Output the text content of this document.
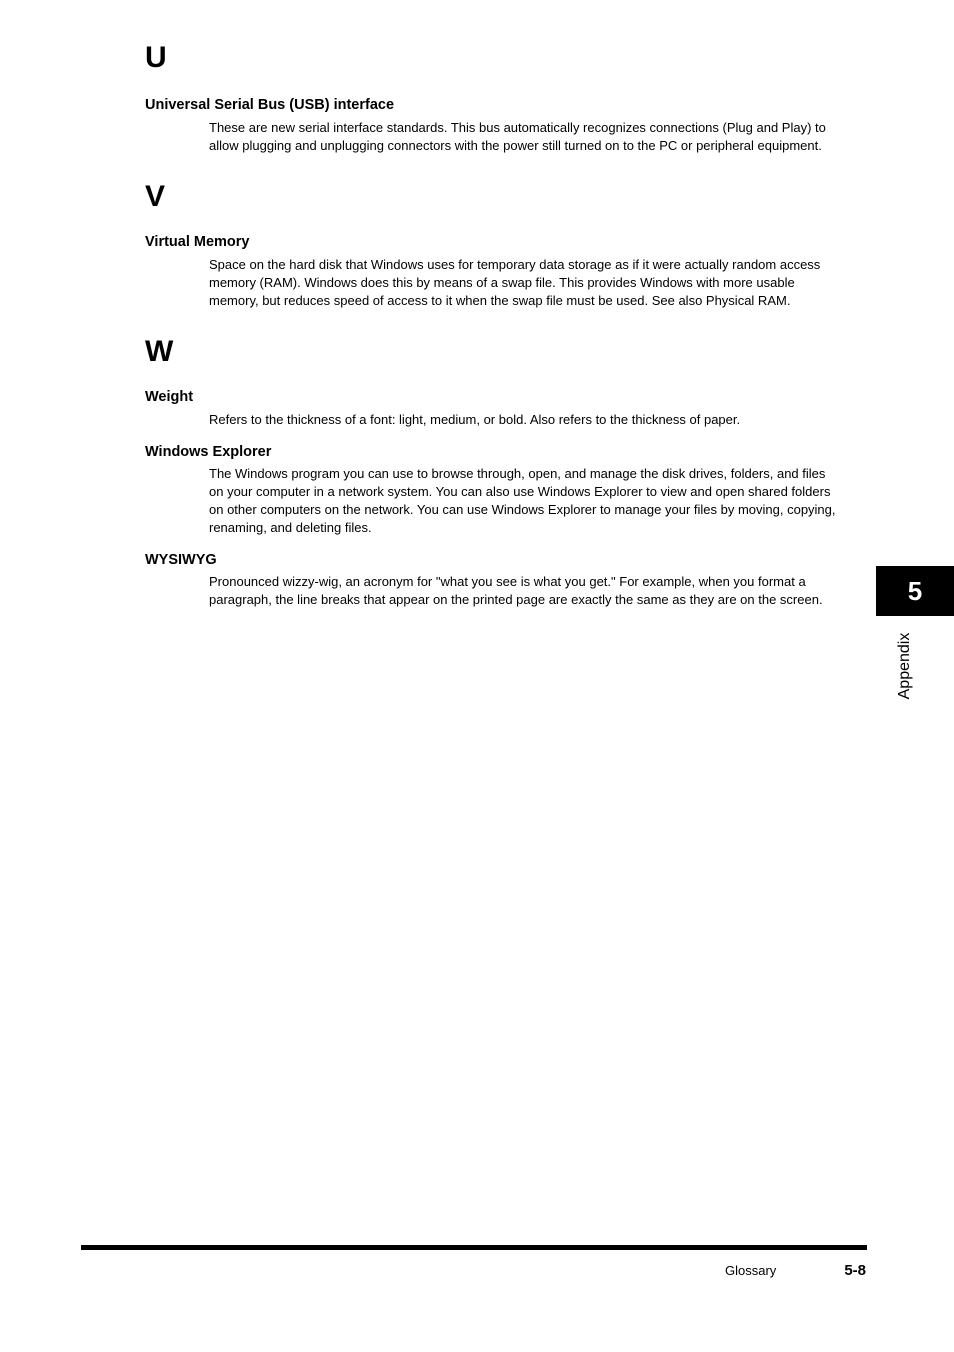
U
Universal Serial Bus (USB) interface

These are new serial interface standards. This bus automatically recognizes connections (Plug and Play) to
allow plugging and unplugging connectors with the power still turned on to the PC or peripheral equipment.

V
Virtual Memory

Space on the hard disk that Windows uses for temporary data storage as if it were actually random access
memory (RAM). Windows does this by means of a swap file. This provides Windows with more usable
memory, but reduces speed of access to it when the swap file must be used. See also Physical RAM.

W
Weight

Refers to the thickness of a font: light, medium, or bold. Also refers to the thickness of paper.

Windows Explorer

The Windows program you can use to browse through, open, and manage the disk drives, folders, and files
on your computer in a network system. You can also use Windows Explorer to view and open shared folders
on other computers on the network. You can use Windows Explorer to manage your files by moving, copying,
renaming, and deleting files.

WYSIWYG

Pronounced wizzy-wig, an acronym for "what you see is what you get." For example, when you format a
paragraph, the line breaks that appear on the printed page are exactly the same as they are on the screen.	5
Appendix
Glossary	5-8
